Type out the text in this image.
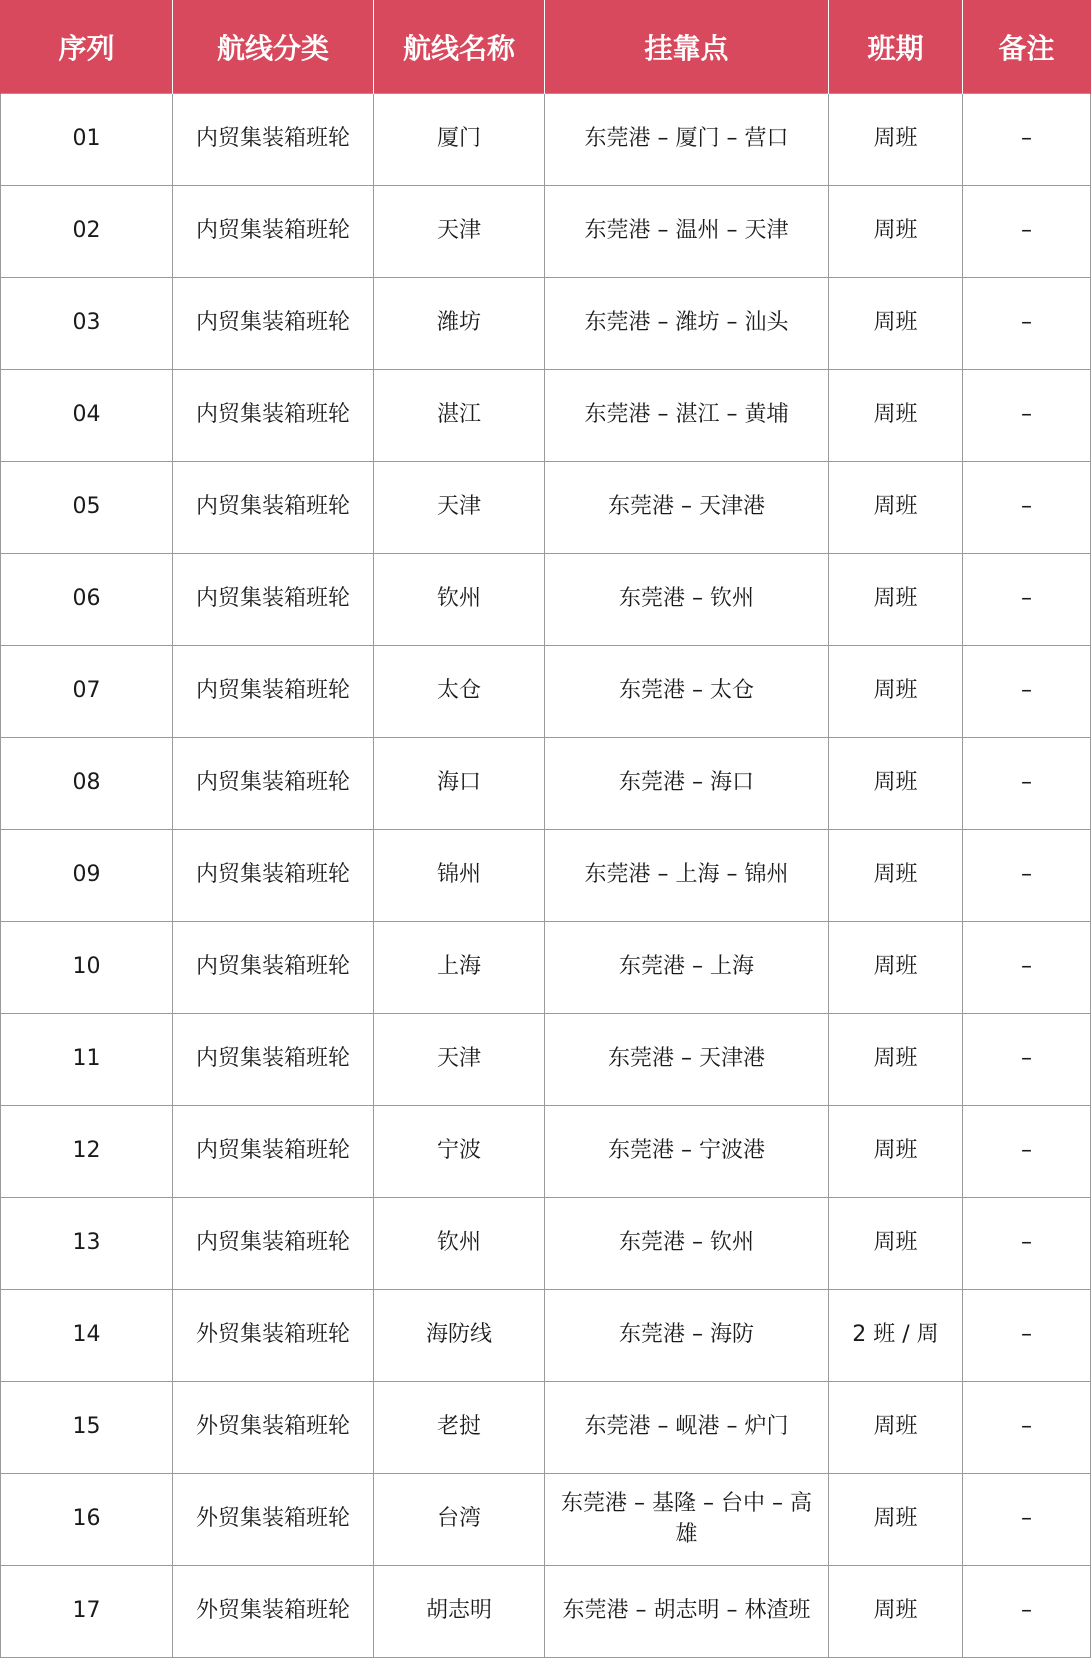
序列	航线分类	航线名称	挂靠点	班期	备注
01	内贸集装箱班轮	厦门	东莞港 – 厦门 – 营口	周班	–
02	内贸集装箱班轮	天津	东莞港 – 温州 – 天津	周班	–
03	内贸集装箱班轮	潍坊	东莞港 – 潍坊 – 汕头	周班	–
04	内贸集装箱班轮	湛江	东莞港 – 湛江 – 黄埔	周班	–
05	内贸集装箱班轮	天津	东莞港 – 天津港	周班	–
06	内贸集装箱班轮	钦州	东莞港 – 钦州	周班	–
07	内贸集装箱班轮	太仓	东莞港 – 太仓	周班	–
08	内贸集装箱班轮	海口	东莞港 – 海口	周班	–
09	内贸集装箱班轮	锦州	东莞港 – 上海 – 锦州	周班	–
10	内贸集装箱班轮	上海	东莞港 – 上海	周班	–
11	内贸集装箱班轮	天津	东莞港 – 天津港	周班	–
12	内贸集装箱班轮	宁波	东莞港 – 宁波港	周班	–
13	内贸集装箱班轮	钦州	东莞港 – 钦州	周班	–
14	外贸集装箱班轮	海防线	东莞港 – 海防	2 班 / 周	–
15	外贸集装箱班轮	老挝	东莞港 – 岘港 – 炉门	周班	–
16	外贸集装箱班轮	台湾	东莞港 – 基隆 – 台中 – 高雄	周班	–
17	外贸集装箱班轮	胡志明	东莞港 – 胡志明 – 林渣班	周班	–
